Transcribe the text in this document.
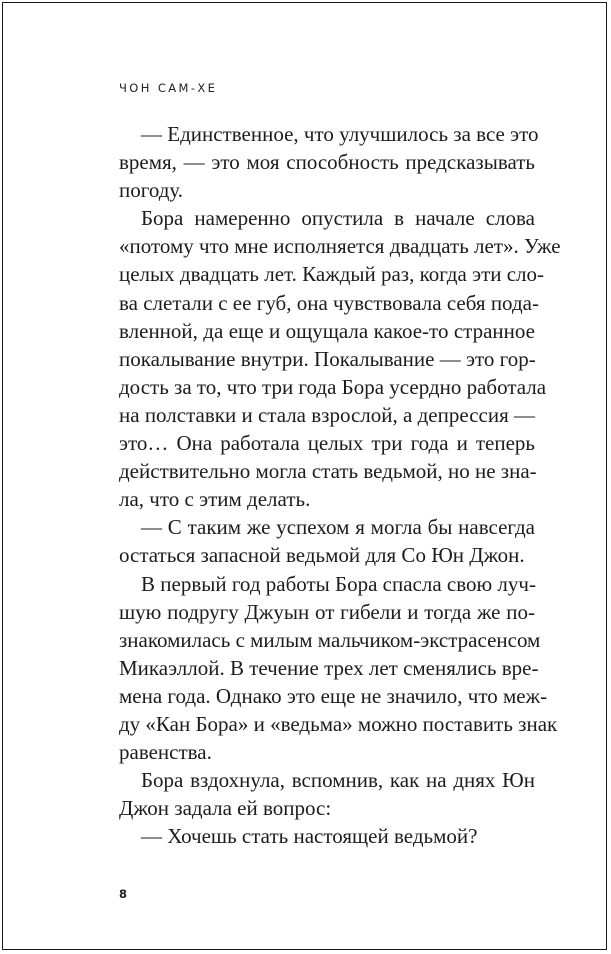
ЧОН САМ-ХЕ
— Единственное, что улучшилось за все это
время, — это моя способность предсказывать
погоду.
Бора намеренно опустила в начале слова
«потому что мне исполняется двадцать лет». Уже
целых двадцать лет. Каждый раз, когда эти сло-
ва слетали с ее губ, она чувствовала себя пода-
вленной, да еще и ощущала какое-то странное
покалывание внутри. Покалывание — это гор-
дость за то, что три года Бора усердно работала
на полставки и стала взрослой, а депрессия —
это… Она работала целых три года и теперь
действительно могла стать ведьмой, но не зна-
ла, что с этим делать.
— С таким же успехом я могла бы навсегда
остаться запасной ведьмой для Со Юн Джон.
В первый год работы Бора спасла свою луч-
шую подругу Джуын от гибели и тогда же по-
знакомилась с милым мальчиком-экстрасенсом
Микаэллой. В течение трех лет сменялись вре-
мена года. Однако это еще не значило, что меж-
ду «Кан Бора» и «ведьма» можно поставить знак
равенства.
Бора вздохнула, вспомнив, как на днях Юн
Джон задала ей вопрос:
— Хочешь стать настоящей ведьмой?
8
